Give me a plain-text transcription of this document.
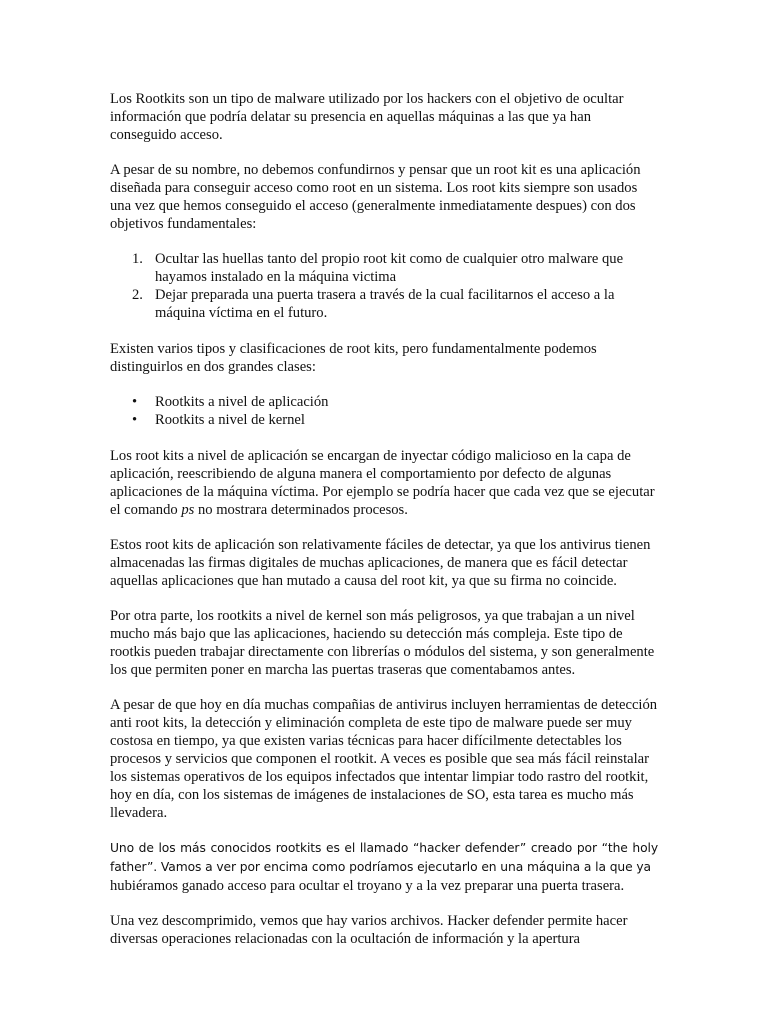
Los Rootkits son un tipo de malware utilizado por los hackers con el objetivo de ocultar información que podría delatar su presencia en aquellas máquinas a las que ya han conseguido acceso.

A pesar de su nombre, no debemos confundirnos y pensar que un root kit es una aplicación diseñada para conseguir acceso como root en un sistema. Los root kits siempre son usados una vez que hemos conseguido el acceso (generalmente inmediatamente despues) con dos objetivos fundamentales:

1. Ocultar las huellas tanto del propio root kit como de cualquier otro malware que hayamos instalado en la máquina victima
2. Dejar preparada una puerta trasera a través de la cual facilitarnos el acceso a la máquina víctima en el futuro.

Existen varios tipos y clasificaciones de root kits, pero fundamentalmente podemos distinguirlos en dos grandes clases:

• Rootkits a nivel de aplicación
• Rootkits a nivel de kernel

Los root kits a nivel de aplicación se encargan de inyectar código malicioso en la capa de aplicación, reescribiendo de alguna manera el comportamiento por defecto de algunas aplicaciones de la máquina víctima. Por ejemplo se podría hacer que cada vez que se ejecutar el comando ps no mostrara determinados procesos.

Estos root kits de aplicación son relativamente fáciles de detectar, ya que los antivirus tienen almacenadas las firmas digitales de muchas aplicaciones, de manera que es fácil detectar aquellas aplicaciones que han mutado a causa del root kit, ya que su firma no coincide.

Por otra parte, los rootkits a nivel de kernel son más peligrosos, ya que trabajan a un nivel mucho más bajo que las aplicaciones, haciendo su detección más compleja. Este tipo de rootkis pueden trabajar directamente con librerías o módulos del sistema, y son generalmente los que permiten poner en marcha las puertas traseras que comentabamos antes.

A pesar de que hoy en día muchas compañias de antivirus incluyen herramientas de detección anti root kits, la detección y eliminación completa de este tipo de malware puede ser muy costosa en tiempo, ya que existen varias técnicas para hacer difícilmente detectables los procesos y servicios que componen el rootkit. A veces es posible que sea más fácil reinstalar los sistemas operativos de los equipos infectados que intentar limpiar todo rastro del rootkit, hoy en día, con los sistemas de imágenes de instalaciones de SO, esta tarea es mucho más llevadera.

Uno de los más conocidos rootkits es el llamado “hacker defender” creado por “the holy father”. Vamos a ver por encima como podríamos ejecutarlo en una máquina a la que ya
hubiéramos ganado acceso para ocultar el troyano y a la vez preparar una puerta trasera.

Una vez descomprimido, vemos que hay varios archivos. Hacker defender permite hacer diversas operaciones relacionadas con la ocultación de información y la apertura
